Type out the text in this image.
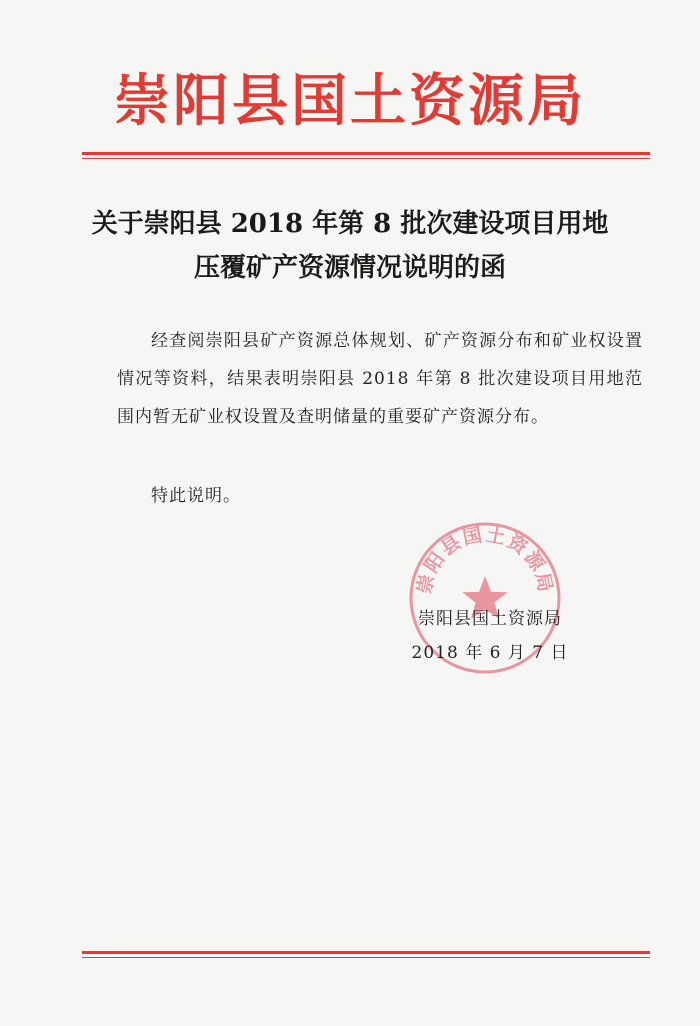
崇阳县国土资源局
关于崇阳县 2018 年第 8 批次建设项目用地
压覆矿产资源情况说明的函
经查阅崇阳县矿产资源总体规划、矿产资源分布和矿业权设置情况等资料，结果表明崇阳县 2018 年第 8 批次建设项目用地范围内暂无矿业权设置及查明储量的重要矿产资源分布。
特此说明。
崇阳县国土资源局
崇阳县国土资源局
2018 年 6 月 7 日
